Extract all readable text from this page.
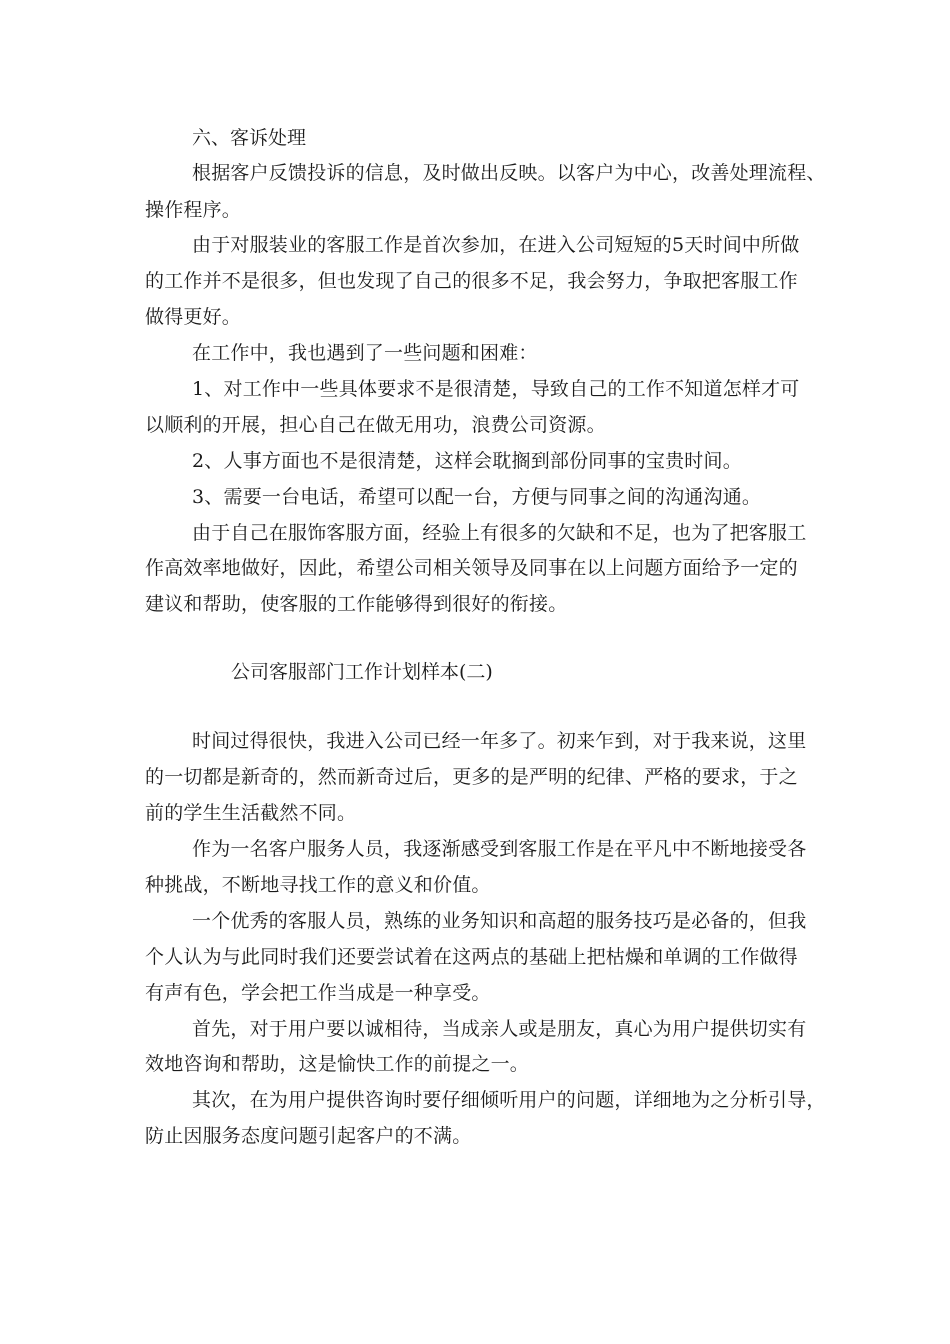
六、客诉处理
根据客户反馈投诉的信息，及时做出反映。以客户为中心，改善处理流程、
操作程序。
由于对服装业的客服工作是首次参加，在进入公司短短的5天时间中所做
的工作并不是很多，但也发现了自己的很多不足，我会努力，争取把客服工作
做得更好。
在工作中，我也遇到了一些问题和困难：
1、对工作中一些具体要求不是很清楚，导致自己的工作不知道怎样才可
以顺利的开展，担心自己在做无用功，浪费公司资源。
2、人事方面也不是很清楚，这样会耽搁到部份同事的宝贵时间。
3、需要一台电话，希望可以配一台，方便与同事之间的沟通沟通。
由于自己在服饰客服方面，经验上有很多的欠缺和不足，也为了把客服工
作高效率地做好，因此，希望公司相关领导及同事在以上问题方面给予一定的
建议和帮助，使客服的工作能够得到很好的衔接。
公司客服部门工作计划样本(二)
时间过得很快，我进入公司已经一年多了。初来乍到，对于我来说，这里
的一切都是新奇的，然而新奇过后，更多的是严明的纪律、严格的要求，于之
前的学生生活截然不同。
作为一名客户服务人员，我逐渐感受到客服工作是在平凡中不断地接受各
种挑战，不断地寻找工作的意义和价值。
一个优秀的客服人员，熟练的业务知识和高超的服务技巧是必备的，但我
个人认为与此同时我们还要尝试着在这两点的基础上把枯燥和单调的工作做得
有声有色，学会把工作当成是一种享受。
首先，对于用户要以诚相待，当成亲人或是朋友，真心为用户提供切实有
效地咨询和帮助，这是愉快工作的前提之一。
其次，在为用户提供咨询时要仔细倾听用户的问题，详细地为之分析引导，
防止因服务态度问题引起客户的不满。
